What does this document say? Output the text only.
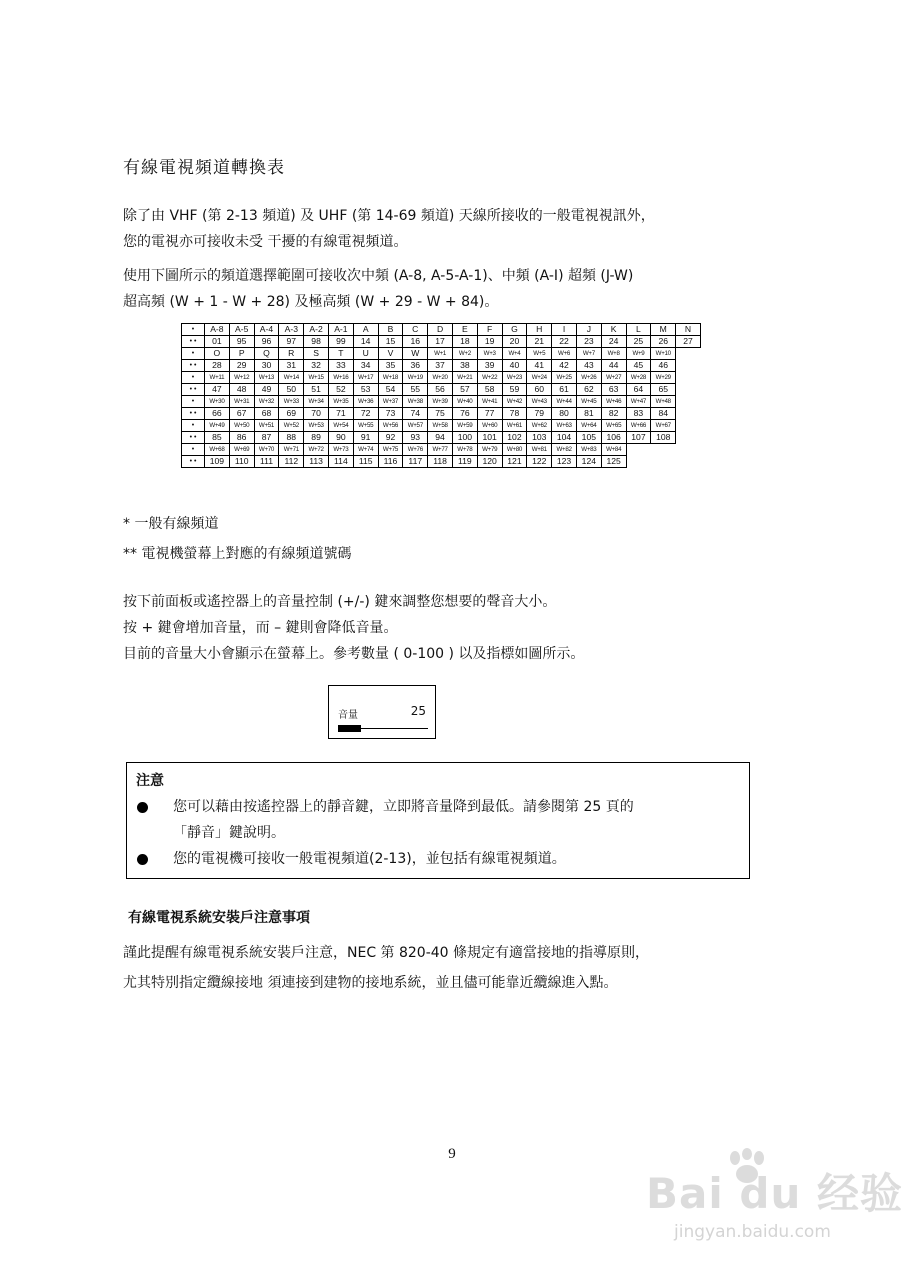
有線電視頻道轉換表
除了由 VHF (第 2-13 頻道) 及 UHF (第 14-69 頻道) 天線所接收的一般電視視訊外，
您的電視亦可接收未受 干擾的有線電視頻道。
使用下圖所示的頻道選擇範圍可接收次中頻 (A-8, A-5-A-1)、中頻 (A-I) 超頻 (J-W)
超高頻 (W + 1 - W + 28) 及極高頻 (W + 29 - W + 84)。
•	A-8	A-5	A-4	A-3	A-2	A-1	A	B	C	D	E	F	G	H	I	J	K	L	M	N
• •	01	95	96	97	98	99	14	15	16	17	18	19	20	21	22	23	24	25	26	27
•	O	P	Q	R	S	T	U	V	W	W+1	W+2	W+3	W+4	W+5	W+6	W+7	W+8	W+9	W+10	
• •	28	29	30	31	32	33	34	35	36	37	38	39	40	41	42	43	44	45	46	
•	W+11	W+12	W+13	W+14	W+15	W+16	W+17	W+18	W+19	W+20	W+21	W+22	W+23	W+24	W+25	W+26	W+27	W+28	W+29	
• •	47	48	49	50	51	52	53	54	55	56	57	58	59	60	61	62	63	64	65	
•	W+30	W+31	W+32	W+33	W+34	W+35	W+36	W+37	W+38	W+39	W+40	W+41	W+42	W+43	W+44	W+45	W+46	W+47	W+48	
• •	66	67	68	69	70	71	72	73	74	75	76	77	78	79	80	81	82	83	84	
•	W+49	W+50	W+51	W+52	W+53	W+54	W+55	W+56	W+57	W+58	W+59	W+60	W+61	W+62	W+63	W+64	W+65	W+66	W+67	
• •	85	86	87	88	89	90	91	92	93	94	100	101	102	103	104	105	106	107	108	
•	W+68	W+69	W+70	W+71	W+72	W+73	W+74	W+75	W+76	W+77	W+78	W+79	W+80	W+81	W+82	W+83	W+84			
• •	109	110	111	112	113	114	115	116	117	118	119	120	121	122	123	124	125			
* 一般有線頻道
** 電視機螢幕上對應的有線頻道號碼
按下前面板或遙控器上的音量控制 (+/-) 鍵來調整您想要的聲音大小。
按 + 鍵會增加音量，而 – 鍵則會降低音量。
目前的音量大小會顯示在螢幕上。參考數量 ( 0-100 ) 以及指標如圖所示。
音量	25
注意
您可以藉由按遙控器上的靜音鍵，立即將音量降到最低。請參閱第 25 頁的
「靜音」鍵說明。
您的電視機可接收一般電視頻道(2-13)，並包括有線電視頻道。
有線電視系統安裝戶注意事項
謹此提醒有線電視系統安裝戶注意，NEC 第 820-40 條規定有適當接地的指導原則，
尤其特別指定纜線接地 須連接到建物的接地系統，並且儘可能靠近纜線進入點。
9
Bai du 经验
jingyan.baidu.com
